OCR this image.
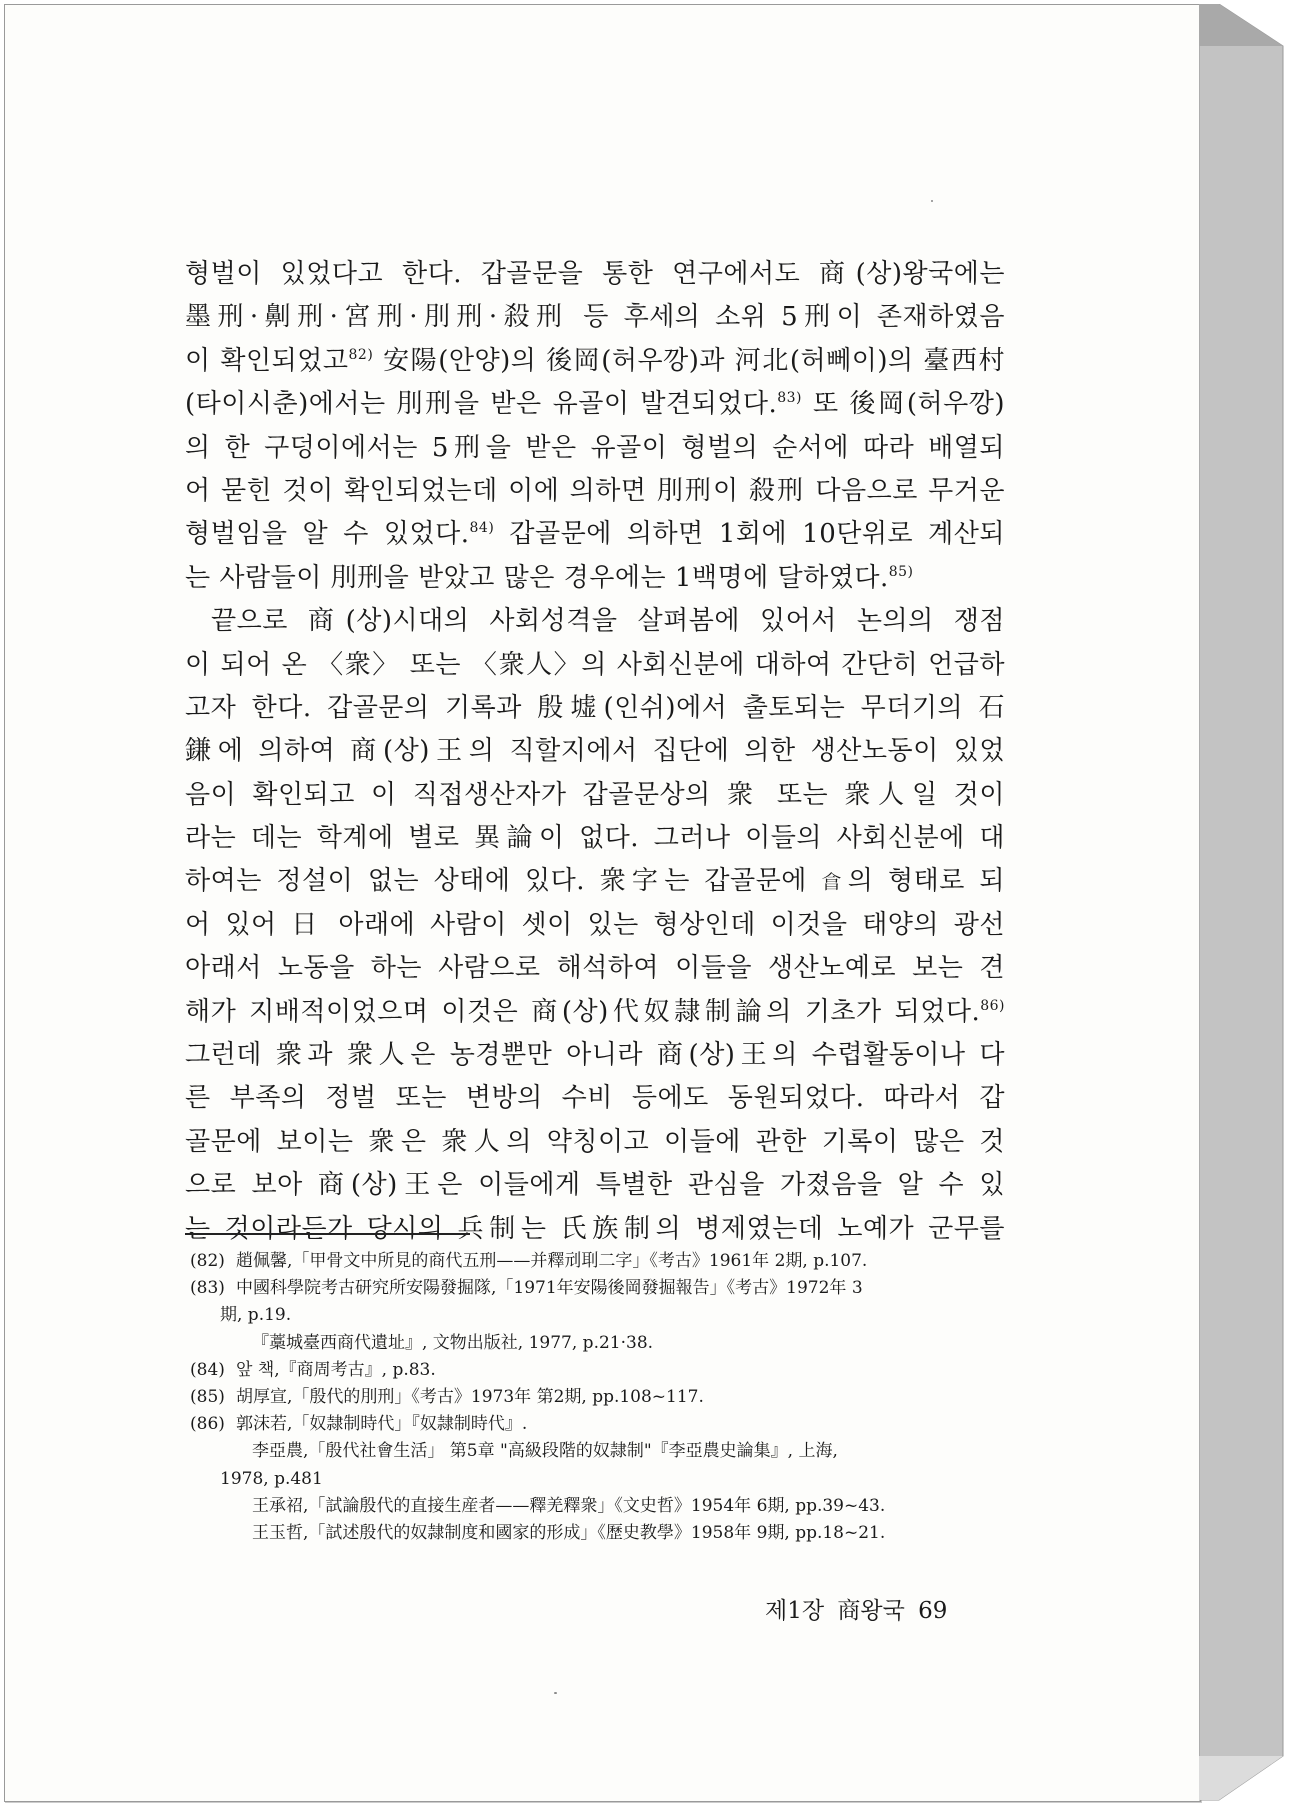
형벌이 있었다고 한다. 갑골문을 통한 연구에서도 商(상)왕국에는
墨刑·劓刑·宮刑·刖刑·殺刑 등 후세의 소위 5刑이 존재하였음
이 확인되었고$^{82)}$ 安陽(안양)의 後岡(허우깡)과 河北(허뻬이)의 臺西村
(타이시춘)에서는 刖刑을 받은 유골이 발견되었다.$^{83)}$ 또 後岡(허우깡)
의 한 구덩이에서는 5刑을 받은 유골이 형벌의 순서에 따라 배열되
어 묻힌 것이 확인되었는데 이에 의하면 刖刑이 殺刑 다음으로 무거운
형벌임을 알 수 있었다.$^{84)}$ 갑골문에 의하면 1회에 10단위로 계산되
는 사람들이 刖刑을 받았고 많은 경우에는 1백명에 달하였다.$^{85)}$
끝으로 商(상)시대의 사회성격을 살펴봄에 있어서 논의의 쟁점
이 되어 온 〈衆〉 또는 〈衆人〉의 사회신분에 대하여 간단히 언급하
고자 한다. 갑골문의 기록과 殷墟(인쉬)에서 출토되는 무더기의 石
鎌에 의하여 商(상)王의 직할지에서 집단에 의한 생산노동이 있었
음이 확인되고 이 직접생산자가 갑골문상의 衆 또는 衆人일 것이
라는 데는 학계에 별로 異論이 없다. 그러나 이들의 사회신분에 대
하여는 정설이 없는 상태에 있다. 衆字는 갑골문에 𣌭의 형태로 되
어 있어 日 아래에 사람이 셋이 있는 형상인데 이것을 태양의 광선
아래서 노동을 하는 사람으로 해석하여 이들을 생산노예로 보는 견
해가 지배적이었으며 이것은 商(상)代奴隷制論의 기초가 되었다.$^{86)}$
그런데 衆과 衆人은 농경뿐만 아니라 商(상)王의 수렵활동이나 다
른 부족의 정벌 또는 변방의 수비 등에도 동원되었다. 따라서 갑
골문에 보이는 衆은 衆人의 약칭이고 이들에 관한 기록이 많은 것
으로 보아 商(상)王은 이들에게 특별한 관심을 가졌음을 알 수 있
는 것이라든가 당시의 兵制는 氏族制의 병제였는데 노예가 군무를
(82) 趙佩馨,「甲骨文中所見的商代五刑——并釋刓刵二字」《考古》1961年 2期, p.107.
(83) 中國科學院考古研究所安陽發掘隊,「1971年安陽後岡發掘報告」《考古》1972年 3
期, p.19.
『藁城臺西商代遺址』, 文物出版社, 1977, p.21·38.
(84) 앞 책,『商周考古』, p.83.
(85) 胡厚宣,「殷代的刖刑」《考古》1973年 第2期, pp.108~117.
(86) 郭沫若,「奴隷制時代」『奴隷制時代』.
李亞農,「殷代社會生活」 第5章 "高級段階的奴隷制"『李亞農史論集』, 上海,
1978, p.481
王承祒,「試論殷代的直接生産者——釋羌釋衆」《文史哲》1954年 6期, pp.39~43.
王玉哲,「試述殷代的奴隷制度和國家的形成」《歷史教學》1958年 9期, pp.18~21.
제1장 商왕국 69
